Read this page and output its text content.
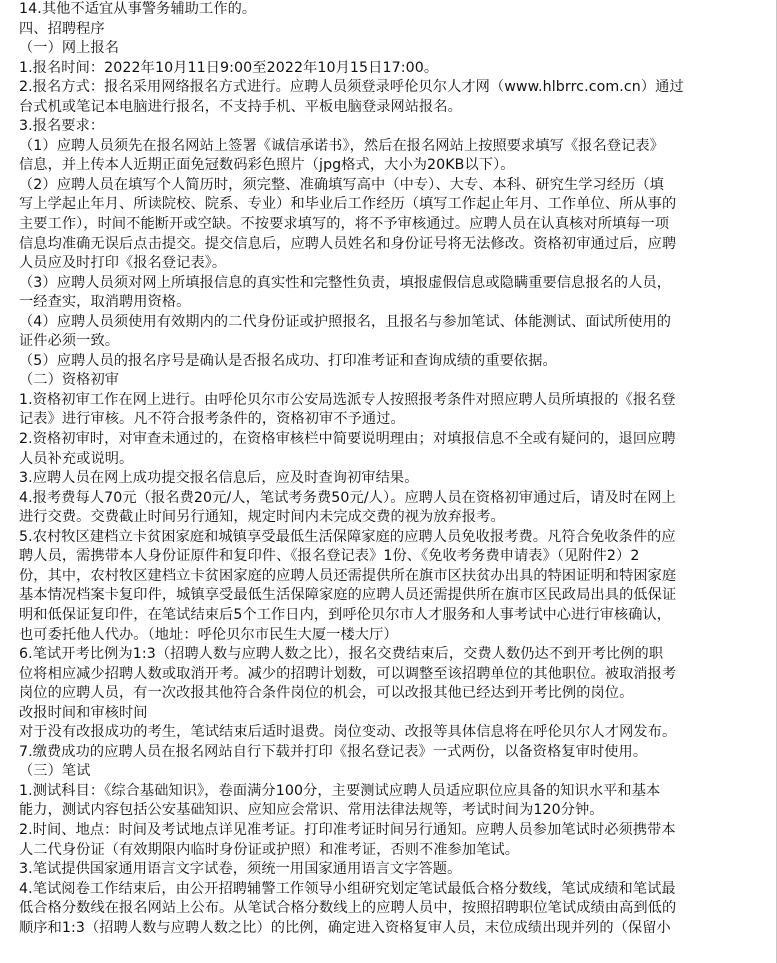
14.其他不适宜从事警务辅助工作的。

四、招聘程序

（一）网上报名

1.报名时间：2022年10月11日9:00至2022年10月15日17:00。

2.报名方式：报名采用网络报名方式进行。应聘人员须登录呼伦贝尔人才网（www.hlbrrc.com.cn）通过

台式机或笔记本电脑进行报名，不支持手机、平板电脑登录网站报名。

3.报名要求：

（1）应聘人员须先在报名网站上签署《诚信承诺书》，然后在报名网站上按照要求填写《报名登记表》

信息，并上传本人近期正面免冠数码彩色照片（jpg格式，大小为20KB以下）。

（2）应聘人员在填写个人简历时，须完整、准确填写高中（中专）、大专、本科、研究生学习经历（填

写上学起止年月、所读院校、院系、专业）和毕业后工作经历（填写工作起止年月、工作单位、所从事的

主要工作），时间不能断开或空缺。不按要求填写的，将不予审核通过。应聘人员在认真核对所填每一项

信息均准确无误后点击提交。提交信息后，应聘人员姓名和身份证号将无法修改。资格初审通过后，应聘

人员应及时打印《报名登记表》。

（3）应聘人员须对网上所填报信息的真实性和完整性负责，填报虚假信息或隐瞒重要信息报名的人员，

一经查实，取消聘用资格。

（4）应聘人员须使用有效期内的二代身份证或护照报名，且报名与参加笔试、体能测试、面试所使用的

证件必须一致。

（5）应聘人员的报名序号是确认是否报名成功、打印准考证和查询成绩的重要依据。

（二）资格初审

1.资格初审工作在网上进行。由呼伦贝尔市公安局选派专人按照报考条件对照应聘人员所填报的《报名登

记表》进行审核。凡不符合报考条件的，资格初审不予通过。

2.资格初审时，对审查未通过的，在资格审核栏中简要说明理由；对填报信息不全或有疑问的，退回应聘

人员补充或说明。

3.应聘人员在网上成功提交报名信息后，应及时查询初审结果。

4.报考费每人70元（报名费20元/人，笔试考务费50元/人）。应聘人员在资格初审通过后，请及时在网上

进行交费。交费截止时间另行通知，规定时间内未完成交费的视为放弃报考。

5.农村牧区建档立卡贫困家庭和城镇享受最低生活保障家庭的应聘人员免收报考费。凡符合免收条件的应

聘人员，需携带本人身份证原件和复印件、《报名登记表》1份、《免收考务费申请表》（见附件2）2

份，其中，农村牧区建档立卡贫困家庭的应聘人员还需提供所在旗市区扶贫办出具的特困证明和特困家庭

基本情况档案卡复印件，城镇享受最低生活保障家庭的应聘人员还需提供所在旗市区民政局出具的低保证

明和低保证复印件，在笔试结束后5个工作日内，到呼伦贝尔市人才服务和人事考试中心进行审核确认，

也可委托他人代办。（地址：呼伦贝尔市民生大厦一楼大厅）

6.笔试开考比例为1:3（招聘人数与应聘人数之比），报名交费结束后，交费人数仍达不到开考比例的职

位将相应减少招聘人数或取消开考。减少的招聘计划数，可以调整至该招聘单位的其他职位。被取消报考

岗位的应聘人员，有一次改报其他符合条件岗位的机会，可以改报其他已经达到开考比例的岗位。

改报时间和审核时间

对于没有改报成功的考生，笔试结束后适时退费。岗位变动、改报等具体信息将在呼伦贝尔人才网发布。

7.缴费成功的应聘人员在报名网站自行下载并打印《报名登记表》一式两份，以备资格复审时使用。

（三）笔试

1.测试科目：《综合基础知识》，卷面满分100分，主要测试应聘人员适应职位应具备的知识水平和基本

能力，测试内容包括公安基础知识、应知应会常识、常用法律法规等，考试时间为120分钟。

2.时间、地点：时间及考试地点详见准考证。打印准考证时间另行通知。应聘人员参加笔试时必须携带本

人二代身份证（有效期限内临时身份证或护照）和准考证，否则不准参加笔试。

3.笔试提供国家通用语言文字试卷，须统一用国家通用语言文字答题。

4.笔试阅卷工作结束后，由公开招聘辅警工作领导小组研究划定笔试最低合格分数线，笔试成绩和笔试最

低合格分数线在报名网站上公布。从笔试合格分数线上的应聘人员中，按照招聘职位笔试成绩由高到低的

顺序和1:3（招聘人数与应聘人数之比）的比例，确定进入资格复审人员，末位成绩出现并列的（保留小
